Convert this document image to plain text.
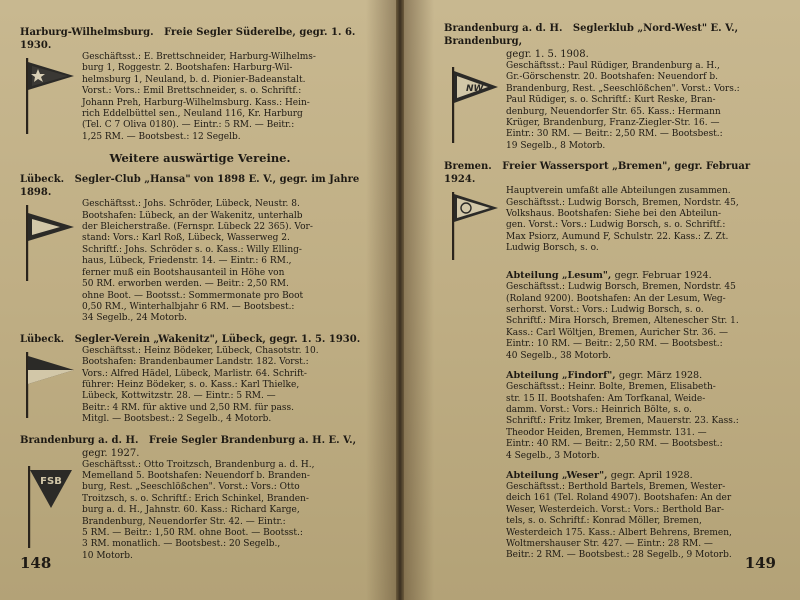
Harburg-Wilhelmsburg. Freie Segler Süderelbe, gegr. 1. 6. 1930.
Geschäftsst.: E. Brettschneider, Harburg-Wilhelms-
burg 1, Roggestr. 2. Bootshafen: Harburg-Wil-
helmsburg 1, Neuland, b. d. Pionier-Badeanstalt.
Vorst.: Vors.: Emil Brettschneider, s. o. Schriftf.:
Johann Preh, Harburg-Wilhelmsburg. Kass.: Hein-
rich Eddelbüttel sen., Neuland 116, Kr. Harburg
(Tel. C 7 Oliva 0180). — Eintr.: 5 RM. — Beitr.:
1,25 RM. — Bootsbest.: 12 Segelb.
Weitere auswärtige Vereine.
Lübeck. Segler-Club „Hansa" von 1898 E. V., gegr. im Jahre 1898.
Geschäftsst.: Johs. Schröder, Lübeck, Neustr. 8.
Bootshafen: Lübeck, an der Wakenitz, unterhalb
der Bleicherstraße. (Fernspr. Lübeck 22 365). Vor-
stand: Vors.: Karl Roß, Lübeck, Wasserweg 2.
Schriftf.: Johs. Schröder s. o. Kass.: Willy Elling-
haus, Lübeck, Friedenstr. 14. — Eintr.: 6 RM.,
ferner muß ein Bootshausanteil in Höhe von
50 RM. erworben werden. — Beitr.: 2,50 RM.
ohne Boot. — Bootsst.: Sommermonate pro Boot
0,50 RM., Winterhalbjahr 6 RM. — Bootsbest.:
34 Segelb., 24 Motorb.
Lübeck. Segler-Verein „Wakenitz", Lübeck, gegr. 1. 5. 1930.
Geschäftsst.: Heinz Bödeker, Lübeck, Chasotstr. 10.
Bootshafen: Brandenbaumer Landstr. 182. Vorst.:
Vors.: Alfred Hädel, Lübeck, Marlistr. 64. Schrift-
führer: Heinz Bödeker, s. o. Kass.: Karl Thielke,
Lübeck, Kottwitzstr. 28. — Eintr.: 5 RM. —
Beitr.: 4 RM. für aktive und 2,50 RM. für pass.
Mitgl. — Bootsbest.: 2 Segelb., 4 Motorb.
Brandenburg a. d. H. Freie Segler Brandenburg a. H. E. V.,
gegr. 1927.
FSB
Geschäftsst.: Otto Troitzsch, Brandenburg a. d. H.,
Memelland 5. Bootshafen: Neuendorf b. Branden-
burg, Rest. „Seeschlößchen". Vorst.: Vors.: Otto
Troitzsch, s. o. Schriftf.: Erich Schinkel, Branden-
burg a. d. H., Jahnstr. 60. Kass.: Richard Karge,
Brandenburg, Neuendorfer Str. 42. — Eintr.:
5 RM. — Beitr.: 1,50 RM. ohne Boot. — Bootsst.:
3 RM. monatlich. — Bootsbest.: 20 Segelb.,
10 Motorb.
148
Brandenburg a. d. H. Seglerklub „Nord-West" E. V., Brandenburg,
gegr. 1. 5. 1908.
NW
Geschäftsst.: Paul Rüdiger, Brandenburg a. H.,
Gr.-Görschenstr. 20. Bootshafen: Neuendorf b.
Brandenburg, Rest. „Seeschlößchen". Vorst.: Vors.:
Paul Rüdiger, s. o. Schriftf.: Kurt Reske, Bran-
denburg, Neuendorfer Str. 65. Kass.: Hermann
Krüger, Brandenburg, Franz-Ziegler-Str. 16. —
Eintr.: 30 RM. — Beitr.: 2,50 RM. — Bootsbest.:
19 Segelb., 8 Motorb.
Bremen. Freier Wassersport „Bremen", gegr. Februar 1924.
Hauptverein umfaßt alle Abteilungen zusammen.
Geschäftsst.: Ludwig Borsch, Bremen, Nordstr. 45,
Volkshaus. Bootshafen: Siehe bei den Abteilun-
gen. Vorst.: Vors.: Ludwig Borsch, s. o. Schriftf.:
Max Psiorz, Aumund F, Schulstr. 22. Kass.: Z. Zt.
Ludwig Borsch, s. o.
Abteilung „Lesum", gegr. Februar 1924.
Geschäftsst.: Ludwig Borsch, Bremen, Nordstr. 45
(Roland 9200). Bootshafen: An der Lesum, Weg-
serhorst. Vorst.: Vors.: Ludwig Borsch, s. o.
Schriftf.: Mira Horsch, Bremen, Altenescher Str. 1.
Kass.: Carl Wöltjen, Bremen, Auricher Str. 36. —
Eintr.: 10 RM. — Beitr.: 2,50 RM. — Bootsbest.:
40 Segelb., 38 Motorb.
Abteilung „Findorf", gegr. März 1928.
Geschäftsst.: Heinr. Bolte, Bremen, Elisabeth-
str. 15 II. Bootshafen: Am Torfkanal, Weide-
damm. Vorst.: Vors.: Heinrich Bölte, s. o.
Schriftf.: Fritz Imker, Bremen, Mauerstr. 23. Kass.:
Theodor Heiden, Bremen, Hemmstr. 131. —
Eintr.: 40 RM. — Beitr.: 2,50 RM. — Bootsbest.:
4 Segelb., 3 Motorb.
Abteilung „Weser", gegr. April 1928.
Geschäftsst.: Berthold Bartels, Bremen, Wester-
deich 161 (Tel. Roland 4907). Bootshafen: An der
Weser, Westerdeich. Vorst.: Vors.: Berthold Bar-
tels, s. o. Schriftf.: Konrad Möller, Bremen,
Westerdeich 175. Kass.: Albert Behrens, Bremen,
Woltmershauser Str. 427. — Eintr.: 28 RM. —
Beitr.: 2 RM. — Bootsbest.: 28 Segelb., 9 Motorb. 149
